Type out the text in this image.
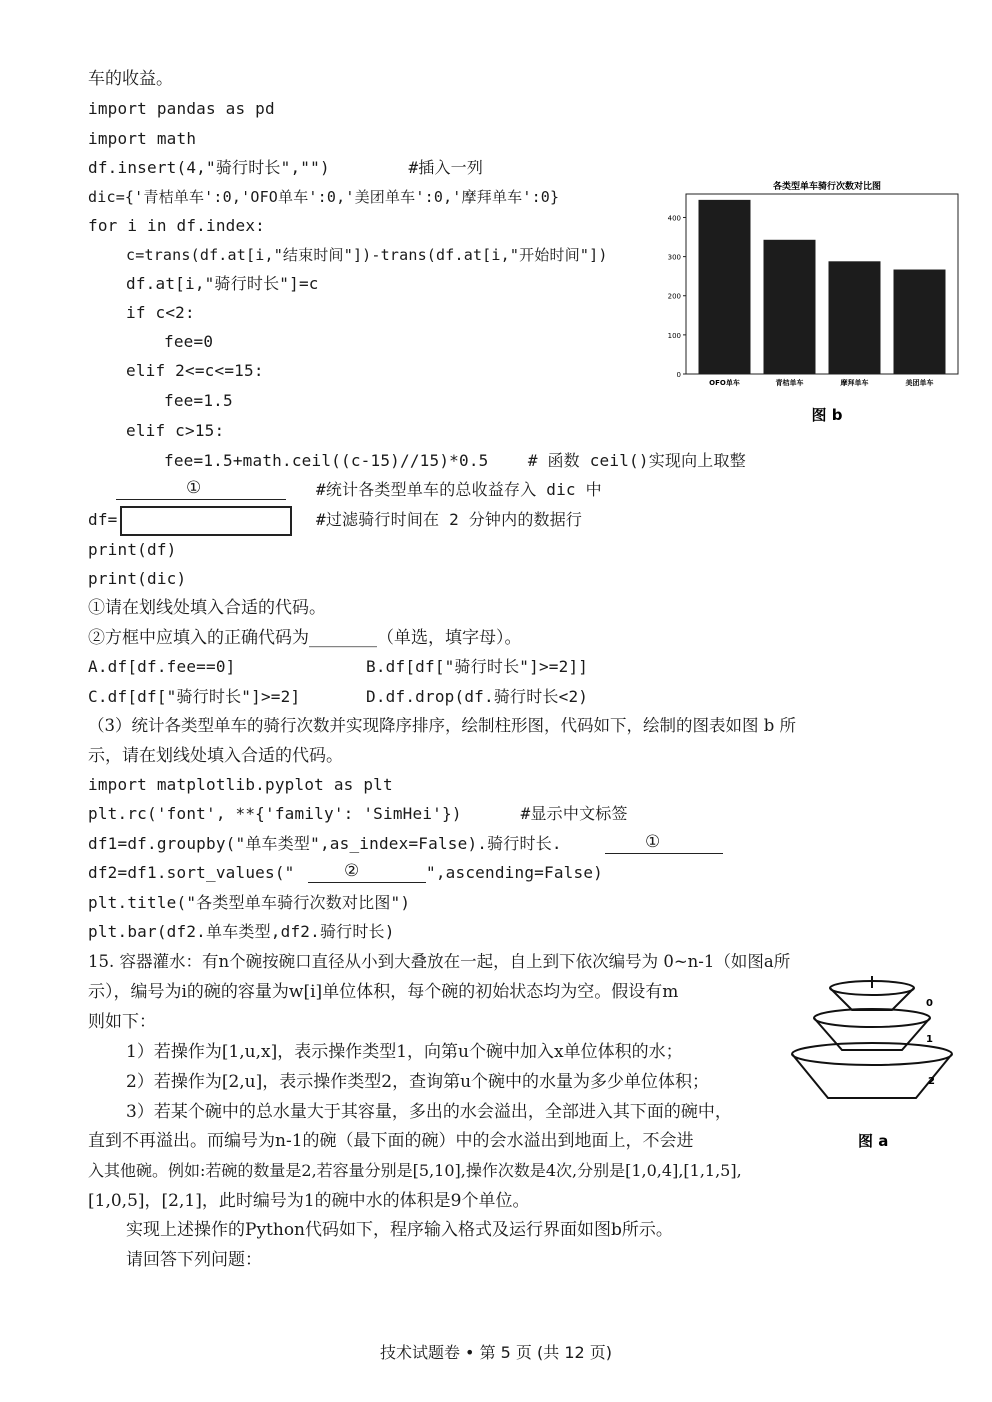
车的收益。
import pandas as pd
import math
df.insert(4,"骑行时长","")        #插入一列
dic={'青桔单车':0,'OFO单车':0,'美团单车':0,'摩拜单车':0}
for i in df.index:
c=trans(df.at[i,"结束时间"])-trans(df.at[i,"开始时间"])
df.at[i,"骑行时长"]=c
if c<2:
fee=0
elif 2<=c<=15:
fee=1.5
elif c>15:
fee=1.5+math.ceil((c-15)//15)*0.5    # 函数 ceil()实现向上取整
①	#统计各类型单车的总收益存入 dic 中
df=	#过滤骑行时间在 2 分钟内的数据行
print(df)
print(dic)
①请在划线处填入合适的代码。
②方框中应填入的正确代码为________（单选，填字母）。
A.df[df.fee==0]	B.df[df["骑行时长"]>=2]]
C.df[df["骑行时长"]>=2]	D.df.drop(df.骑行时长<2)
（3）统计各类型单车的骑行次数并实现降序排序，绘制柱形图，代码如下，绘制的图表如图 b 所
示，请在划线处填入合适的代码。
import matplotlib.pyplot as plt
plt.rc('font', **{'family': 'SimHei'})      #显示中文标签
df1=df.groupby("单车类型",as_index=False).骑行时长.	①
df2=df1.sort_values("	②	",ascending=False)
plt.title("各类型单车骑行次数对比图")
plt.bar(df2.单车类型,df2.骑行时长)
15. 容器灌水：有n个碗按碗口直径从小到大叠放在一起，自上到下依次编号为 0~n-1（如图a所
示），编号为i的碗的容量为w[i]单位体积，每个碗的初始状态均为空。假设有m
则如下：
1）若操作为[1,u,x]，表示操作类型1，向第u个碗中加入x单位体积的水；
2）若操作为[2,u]，表示操作类型2，查询第u个碗中的水量为多少单位体积；
3）若某个碗中的总水量大于其容量，多出的水会溢出，全部进入其下面的碗中，
直到不再溢出。而编号为n-1的碗（最下面的碗）中的会水溢出到地面上，不会进
入其他碗。例如:若碗的数量是2,若容量分别是[5,10],操作次数是4次,分别是[1,0,4],[1,1,5],
[1,0,5]，[2,1]，此时编号为1的碗中水的体积是9个单位。
实现上述操作的Python代码如下，程序输入格式及运行界面如图b所示。
请回答下列问题：
各类型单车骑行次数对比图
0
100
200
300
400
OFO单车	青桔单车	摩拜单车	美团单车
图 b
0
1
2
图 a
技术试题卷 • 第 5 页 (共 12 页)
